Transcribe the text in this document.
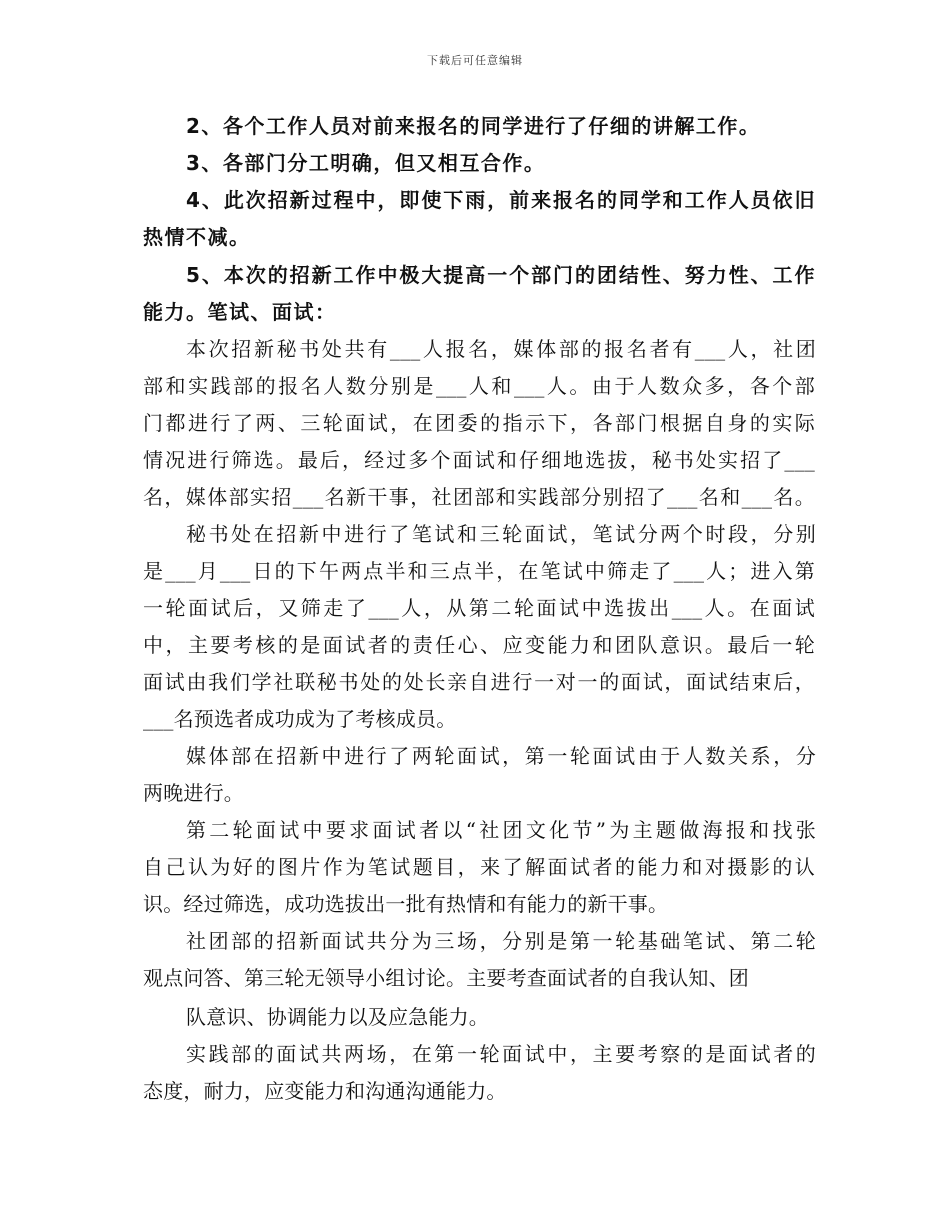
下载后可任意编辑
2、各个工作人员对前来报名的同学进行了仔细的讲解工作。
3、各部门分工明确，但又相互合作。
4、此次招新过程中，即使下雨，前来报名的同学和工作人员依旧
热情不减。
5、本次的招新工作中极大提高一个部门的团结性、努力性、工作
能力。笔试、面试：
本次招新秘书处共有___人报名，媒体部的报名者有___人，社团
部和实践部的报名人数分别是___人和___人。由于人数众多，各个部
门都进行了两、三轮面试，在团委的指示下，各部门根据自身的实际
情况进行筛选。最后，经过多个面试和仔细地选拔，秘书处实招了___
名，媒体部实招___名新干事，社团部和实践部分别招了___名和___名。
秘书处在招新中进行了笔试和三轮面试，笔试分两个时段，分别
是___月___日的下午两点半和三点半，在笔试中筛走了___人；进入第
一轮面试后，又筛走了___人，从第二轮面试中选拔出___人。在面试
中，主要考核的是面试者的责任心、应变能力和团队意识。最后一轮
面试由我们学社联秘书处的处长亲自进行一对一的面试，面试结束后，
___名预选者成功成为了考核成员。
媒体部在招新中进行了两轮面试，第一轮面试由于人数关系，分
两晚进行。
第二轮面试中要求面试者以“社团文化节”为主题做海报和找张
自己认为好的图片作为笔试题目，来了解面试者的能力和对摄影的认
识。经过筛选，成功选拔出一批有热情和有能力的新干事。
社团部的招新面试共分为三场，分别是第一轮基础笔试、第二轮
观点问答、第三轮无领导小组讨论。主要考查面试者的自我认知、团
队意识、协调能力以及应急能力。
实践部的面试共两场，在第一轮面试中，主要考察的是面试者的
态度，耐力，应变能力和沟通沟通能力。
